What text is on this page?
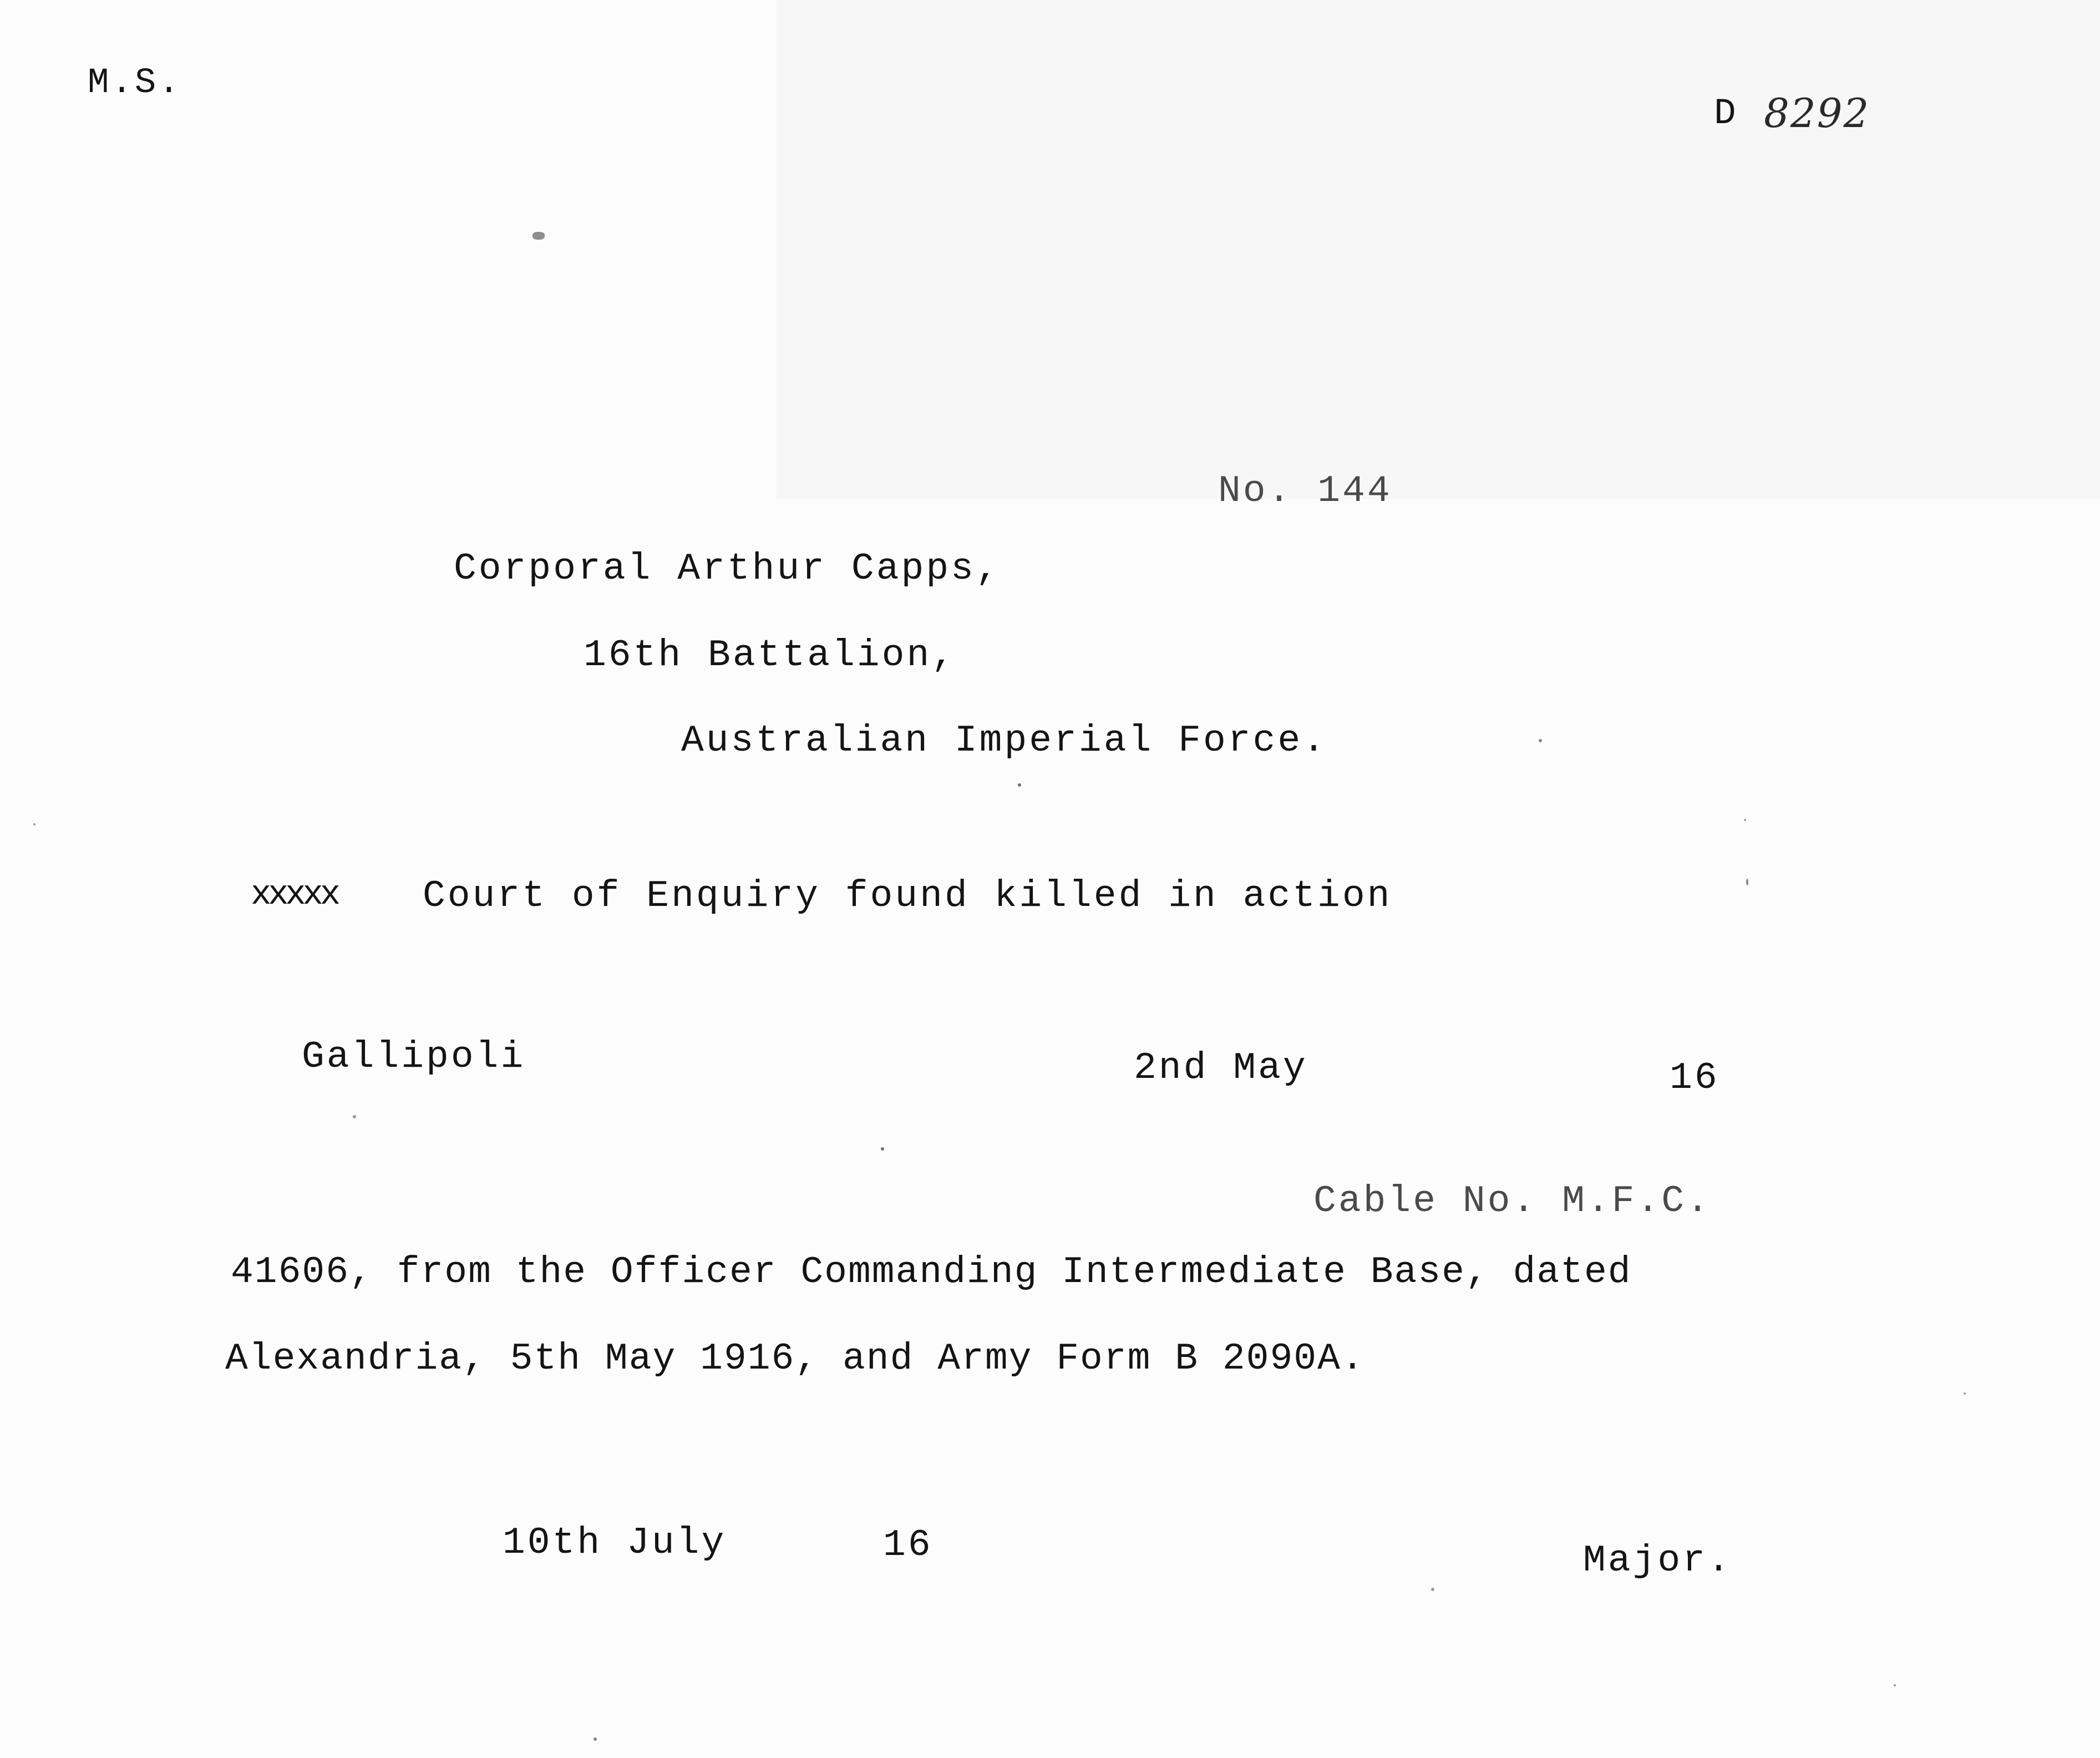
M.S.
D 8292
No. 144
Corporal Arthur Capps,
16th Battalion,
Australian Imperial Force.
xxxxx Court of Enquiry found killed in action
Gallipoli	2nd May	16
Cable No. M.F.C.
41606, from the Officer Commanding Intermediate Base, dated
Alexandria, 5th May 1916, and Army Form B 2090A.
10th July	16	Major.
